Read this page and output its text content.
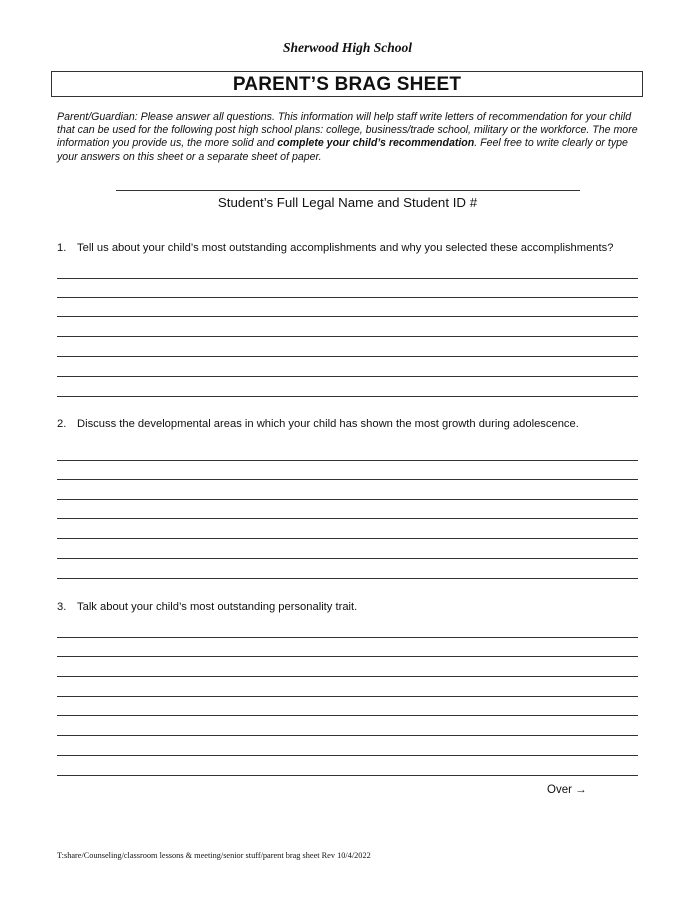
Sherwood High School
PARENT’S BRAG SHEET
Parent/Guardian: Please answer all questions. This information will help staff write letters of recommendation for your child that can be used for the following post high school plans: college, business/trade school, military or the workforce. The more information you provide us, the more solid and complete your child’s recommendation. Feel free to write clearly or type your answers on this sheet or a separate sheet of paper.
Student’s Full Legal Name and Student ID #
1. Tell us about your child’s most outstanding accomplishments and why you selected these accomplishments?
2. Discuss the developmental areas in which your child has shown the most growth during adolescence.
3. Talk about your child’s most outstanding personality trait.
Over →
T:share/Counseling/classroom lessons & meeting/senior stuff/parent brag sheet Rev 10/4/2022
